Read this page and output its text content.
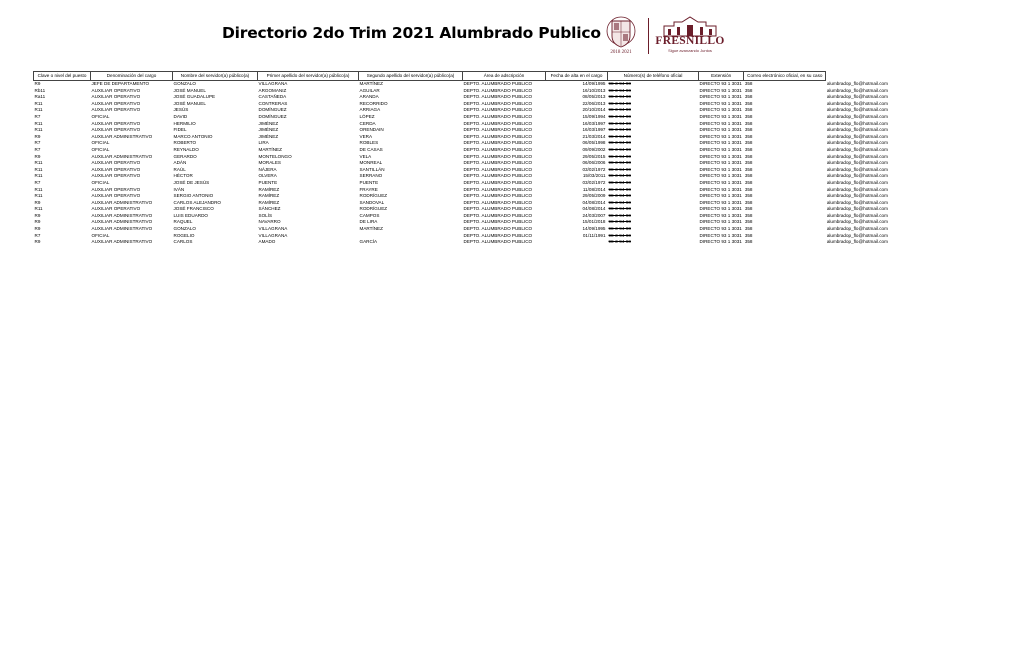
Directorio 2do Trim 2021 Alumbrado Publico
2018 2021
FRESNILLO
Sigue avanzando Juntos
Clave o nivel del puesto	Denominación del cargo	Nombre del servidor(a) público(a)	Primer apellido del servidor(a) público(a)	Segundo apellido del servidor(a) público(a)	Área de adscripción	Fecha de alta en el cargo	Número(s) de teléfono oficial	Extensión	Correo electrónico oficial, en su caso	
R9	JEFE DE DEPARTAMENTO	GONZALO	VILLAGRANA	MARTÍNEZ	DEPTO. ALUMBRADO PUBLICO	14/09/1995	98-3-94-90	DIRECTO 93 1 3031	358	alumbradop_flo@hotmail.com
Rb11	AUXILIAR OPERATIVO	JOSÉ MANUEL	ARGOMANIZ	AGUILAR	DEPTO. ALUMBRADO PUBLICO	16/10/2013	98-3-94-90	DIRECTO 93 1 3031	358	alumbradop_flo@hotmail.com
Ra11	AUXILIAR OPERATIVO	JOSÉ GUADALUPE	CASTAÑEDA	ARANDA	DEPTO. ALUMBRADO PUBLICO	08/05/2013	98-3-94-90	DIRECTO 93 1 3031	358	alumbradop_flo@hotmail.com
R11	AUXILIAR OPERATIVO	JOSÉ MANUEL	CONTRERAS	RECORRIDO	DEPTO. ALUMBRADO PUBLICO	22/06/2013	98-3-94-90	DIRECTO 93 1 3031	358	alumbradop_flo@hotmail.com
R11	AUXILIAR OPERATIVO	JESÚS	DOMÍNGUEZ	ARRIAGA	DEPTO. ALUMBRADO PUBLICO	20/10/2014	98-3-94-90	DIRECTO 93 1 3031	358	alumbradop_flo@hotmail.com
R7	OFICIAL	DAVID	DOMÍNGUEZ	LÓPEZ	DEPTO. ALUMBRADO PUBLICO	15/09/1994	98-3-94-90	DIRECTO 93 1 3031	358	alumbradop_flo@hotmail.com
R11	AUXILIAR OPERATIVO	HERMILIO	JIMÉNEZ	CERDA	DEPTO. ALUMBRADO PUBLICO	16/03/1997	98-3-94-90	DIRECTO 93 1 3031	358	alumbradop_flo@hotmail.com
R11	AUXILIAR OPERATIVO	FIDEL	JIMÉNEZ	ORENDAIN	DEPTO. ALUMBRADO PUBLICO	16/03/1997	98-3-94-90	DIRECTO 93 1 3031	358	alumbradop_flo@hotmail.com
R9	AUXILIAR ADMINISTRATIVO	MARCO ANTONIO	JIMÉNEZ	VERA	DEPTO. ALUMBRADO PUBLICO	21/03/2014	98-3-94-90	DIRECTO 93 1 3031	358	alumbradop_flo@hotmail.com
R7	OFICIAL	ROBERTO	LIRA	ROBLES	DEPTO. ALUMBRADO PUBLICO	06/05/1998	98-3-94-90	DIRECTO 93 1 3031	358	alumbradop_flo@hotmail.com
R7	OFICIAL	REYNALDO	MARTÍNEZ	DE CASAS	DEPTO. ALUMBRADO PUBLICO	09/09/2002	98-3-94-90	DIRECTO 93 1 3031	358	alumbradop_flo@hotmail.com
R9	AUXILIAR ADMINISTRATIVO	GERARDO	MONTELONGO	VELA	DEPTO. ALUMBRADO PUBLICO	29/05/2015	98-3-94-90	DIRECTO 93 1 3031	358	alumbradop_flo@hotmail.com
R11	AUXILIAR OPERATIVO	ADÁN	MORALES	MONREAL	DEPTO. ALUMBRADO PUBLICO	06/06/2006	98-3-94-90	DIRECTO 93 1 3031	358	alumbradop_flo@hotmail.com
R11	AUXILIAR OPERATIVO	RAÚL	NÁJERA	SANTILLÁN	DEPTO. ALUMBRADO PUBLICO	03/02/1972	98-3-94-90	DIRECTO 93 1 3031	358	alumbradop_flo@hotmail.com
R11	AUXILIAR OPERATIVO	HÉCTOR	OLVERA	SERRANO	DEPTO. ALUMBRADO PUBLICO	15/03/2011	98-3-94-90	DIRECTO 93 1 3031	358	alumbradop_flo@hotmail.com
R7	OFICIAL	JOSÉ DE JESÚS	PUENTE	PUENTE	DEPTO. ALUMBRADO PUBLICO	03/02/1972	98-3-94-90	DIRECTO 93 1 3031	358	alumbradop_flo@hotmail.com
R11	AUXILIAR OPERATIVO	IVÁN	RAMÍREZ	FRAYRE	DEPTO. ALUMBRADO PUBLICO	11/08/2014	98-3-94-90	DIRECTO 93 1 3031	358	alumbradop_flo@hotmail.com
R11	AUXILIAR OPERATIVO	SERGIO ANTONIO	RAMÍREZ	RODRÍGUEZ	DEPTO. ALUMBRADO PUBLICO	29/05/2009	98-3-94-90	DIRECTO 93 1 3031	358	alumbradop_flo@hotmail.com
R9	AUXILIAR ADMINISTRATIVO	CARLOS ALEJANDRO	RAMÍREZ	SANDOVAL	DEPTO. ALUMBRADO PUBLICO	04/08/2014	98-3-94-90	DIRECTO 93 1 3031	358	alumbradop_flo@hotmail.com
R11	AUXILIAR OPERATIVO	JOSÉ FRANCISCO	SÁNCHEZ	RODRÍGUEZ	DEPTO. ALUMBRADO PUBLICO	04/08/2014	98-3-94-90	DIRECTO 93 1 3031	358	alumbradop_flo@hotmail.com
R9	AUXILIAR ADMINISTRATIVO	LUIS EDUARDO	SOLÍS	CAMPOS	DEPTO. ALUMBRADO PUBLICO	24/03/2007	98-3-94-90	DIRECTO 93 1 3031	358	alumbradop_flo@hotmail.com
R9	AUXILIAR ADMINISTRATIVO	RAQUEL	NAVARRO	DE LIRA	DEPTO. ALUMBRADO PUBLICO	15/01/2018	98-3-94-90	DIRECTO 93 1 3031	358	alumbradop_flo@hotmail.com
R9	AUXILIAR ADMINISTRATIVO	GONZALO	VILLAGRANA	MARTÍNEZ	DEPTO. ALUMBRADO PUBLICO	14/09/1995	98-3-94-90	DIRECTO 93 1 3031	358	alumbradop_flo@hotmail.com
R7	OFICIAL	ROGELIO	VILLAGRANA		DEPTO. ALUMBRADO PUBLICO	01/11/1991	98-3-94-90	DIRECTO 93 1 3031	358	alumbradop_flo@hotmail.com
R9	AUXILIAR ADMINISTRATIVO	CARLOS	AMADO	GARCÍA	DEPTO. ALUMBRADO PUBLICO		98-3-94-90	DIRECTO 93 1 3031	358	alumbradop_flo@hotmail.com
